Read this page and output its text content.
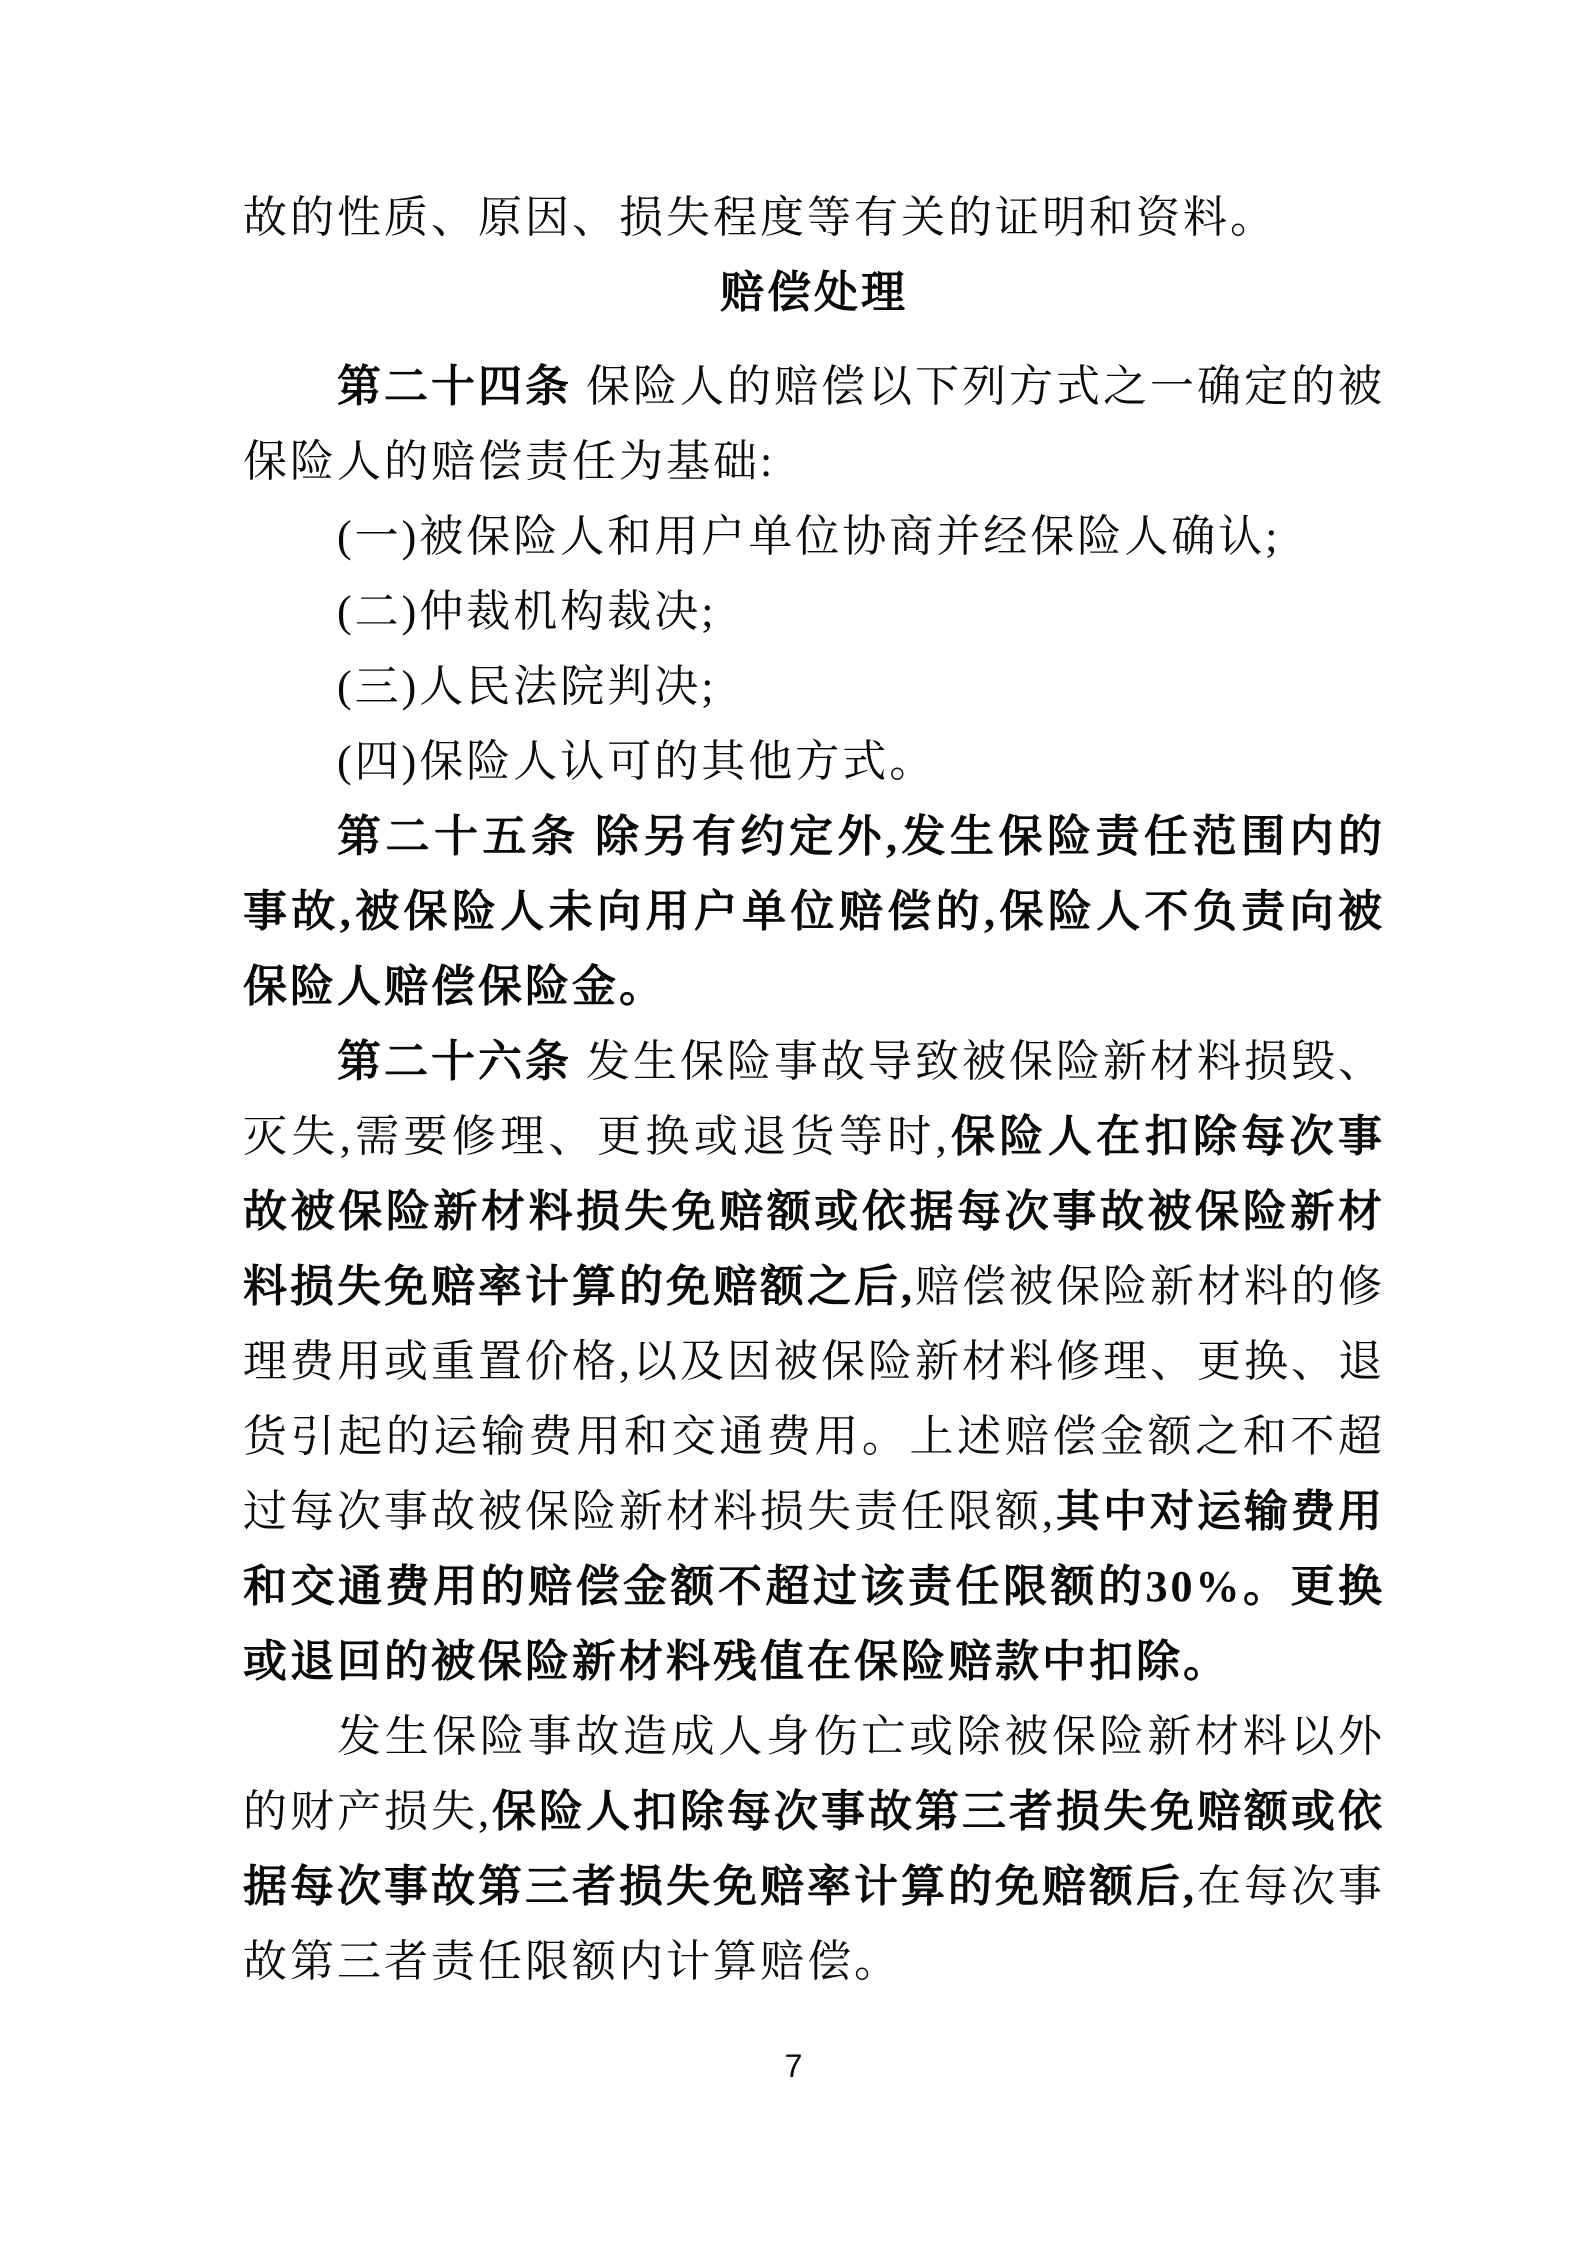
故的性质、原因、损失程度等有关的证明和资料。

赔偿处理

第二十四条 保险人的赔偿以下列方式之一确定的被保险人的赔偿责任为基础:

(一)被保险人和用户单位协商并经保险人确认;

(二)仲裁机构裁决;

(三)人民法院判决;

(四)保险人认可的其他方式。

第二十五条 除另有约定外,发生保险责任范围内的事故,被保险人未向用户单位赔偿的,保险人不负责向被保险人赔偿保险金。

第二十六条 发生保险事故导致被保险新材料损毁、灭失,需要修理、更换或退货等时,保险人在扣除每次事故被保险新材料损失免赔额或依据每次事故被保险新材料损失免赔率计算的免赔额之后,赔偿被保险新材料的修理费用或重置价格,以及因被保险新材料修理、更换、退货引起的运输费用和交通费用。上述赔偿金额之和不超过每次事故被保险新材料损失责任限额,其中对运输费用和交通费用的赔偿金额不超过该责任限额的30%。更换或退回的被保险新材料残值在保险赔款中扣除。

发生保险事故造成人身伤亡或除被保险新材料以外的财产损失,保险人扣除每次事故第三者损失免赔额或依据每次事故第三者损失免赔率计算的免赔额后,在每次事故第三者责任限额内计算赔偿。

7
